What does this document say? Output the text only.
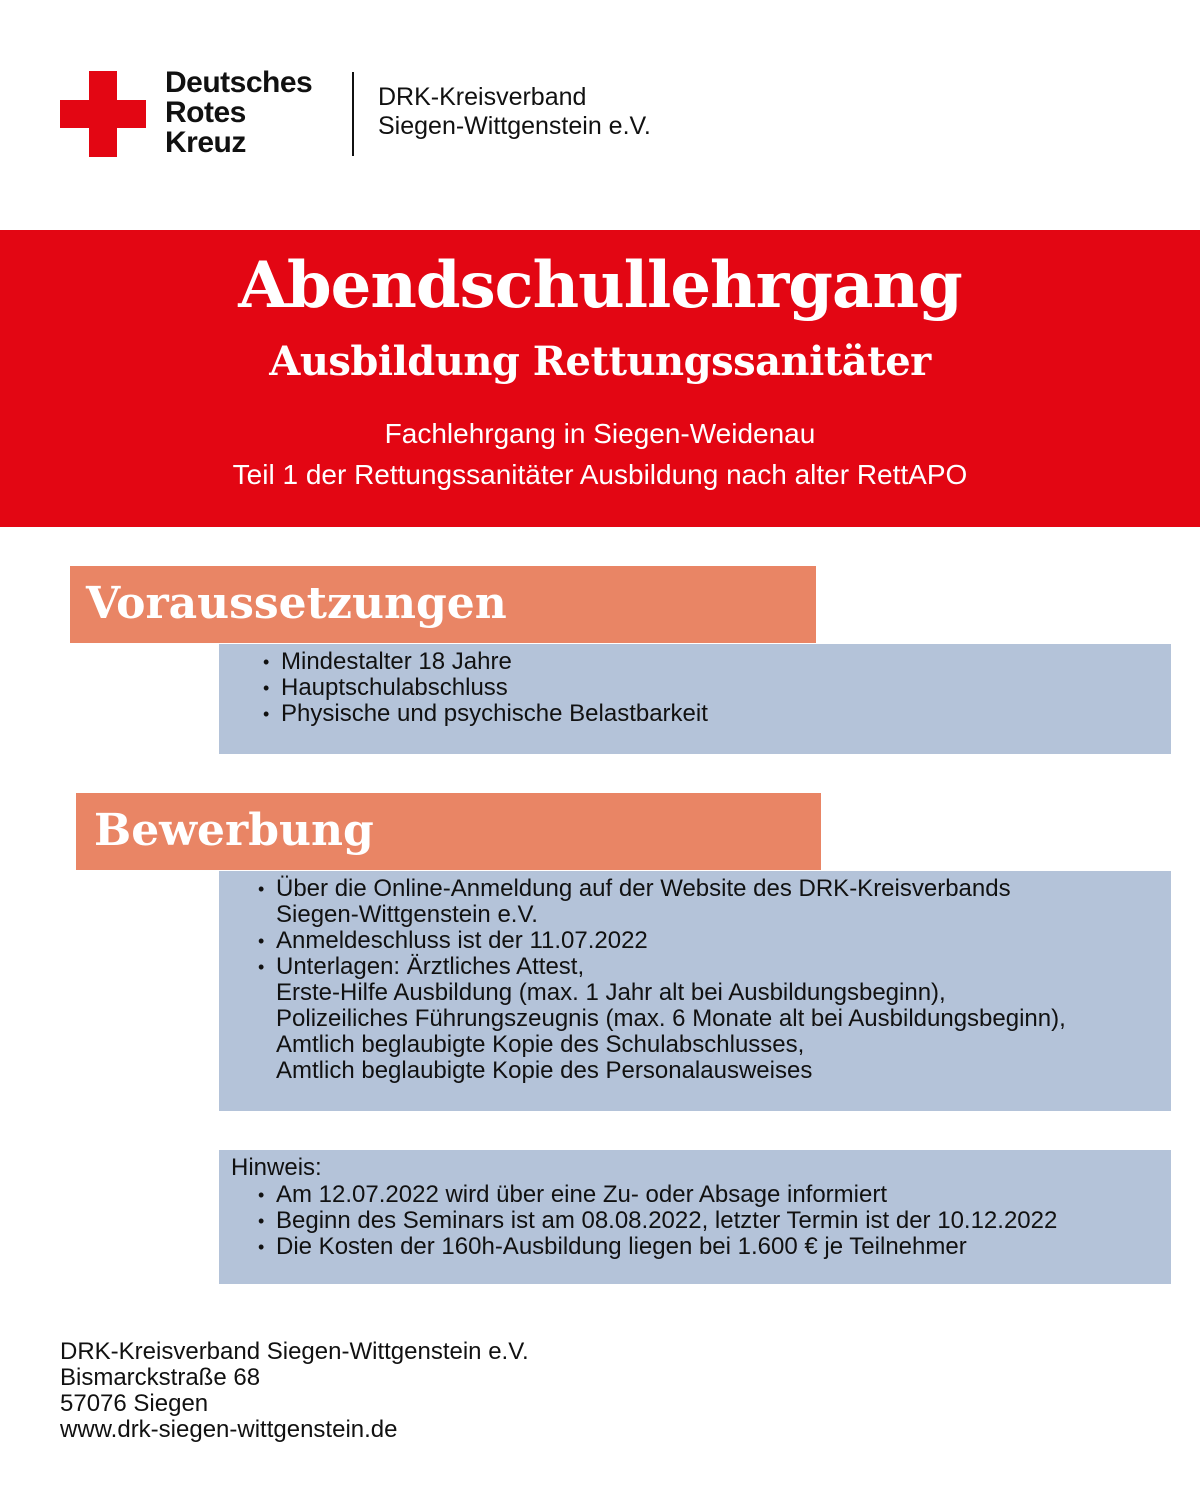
Deutsches
Rotes
Kreuz
DRK-Kreisverband
Siegen-Wittgenstein e.V.
Abendschullehrgang
Ausbildung Rettungssanitäter
Fachlehrgang in Siegen-Weidenau
Teil 1 der Rettungssanitäter Ausbildung nach alter RettAPO
Voraussetzungen
• Mindestalter 18 Jahre
• Hauptschulabschluss
• Physische und psychische Belastbarkeit
Bewerbung
• Über die Online-Anmeldung auf der Website des DRK-Kreisverbands
Siegen-Wittgenstein e.V.
• Anmeldeschluss ist der 11.07.2022
• Unterlagen: Ärztliches Attest,
Erste-Hilfe Ausbildung (max. 1 Jahr alt bei Ausbildungsbeginn),
Polizeiliches Führungszeugnis (max. 6 Monate alt bei Ausbildungsbeginn),
Amtlich beglaubigte Kopie des Schulabschlusses,
Amtlich beglaubigte Kopie des Personalausweises
Hinweis:
• Am 12.07.2022 wird über eine Zu- oder Absage informiert
• Beginn des Seminars ist am 08.08.2022, letzter Termin ist der 10.12.2022
• Die Kosten der 160h-Ausbildung liegen bei 1.600 € je Teilnehmer
DRK-Kreisverband Siegen-Wittgenstein e.V.
Bismarckstraße 68
57076 Siegen
www.drk-siegen-wittgenstein.de
